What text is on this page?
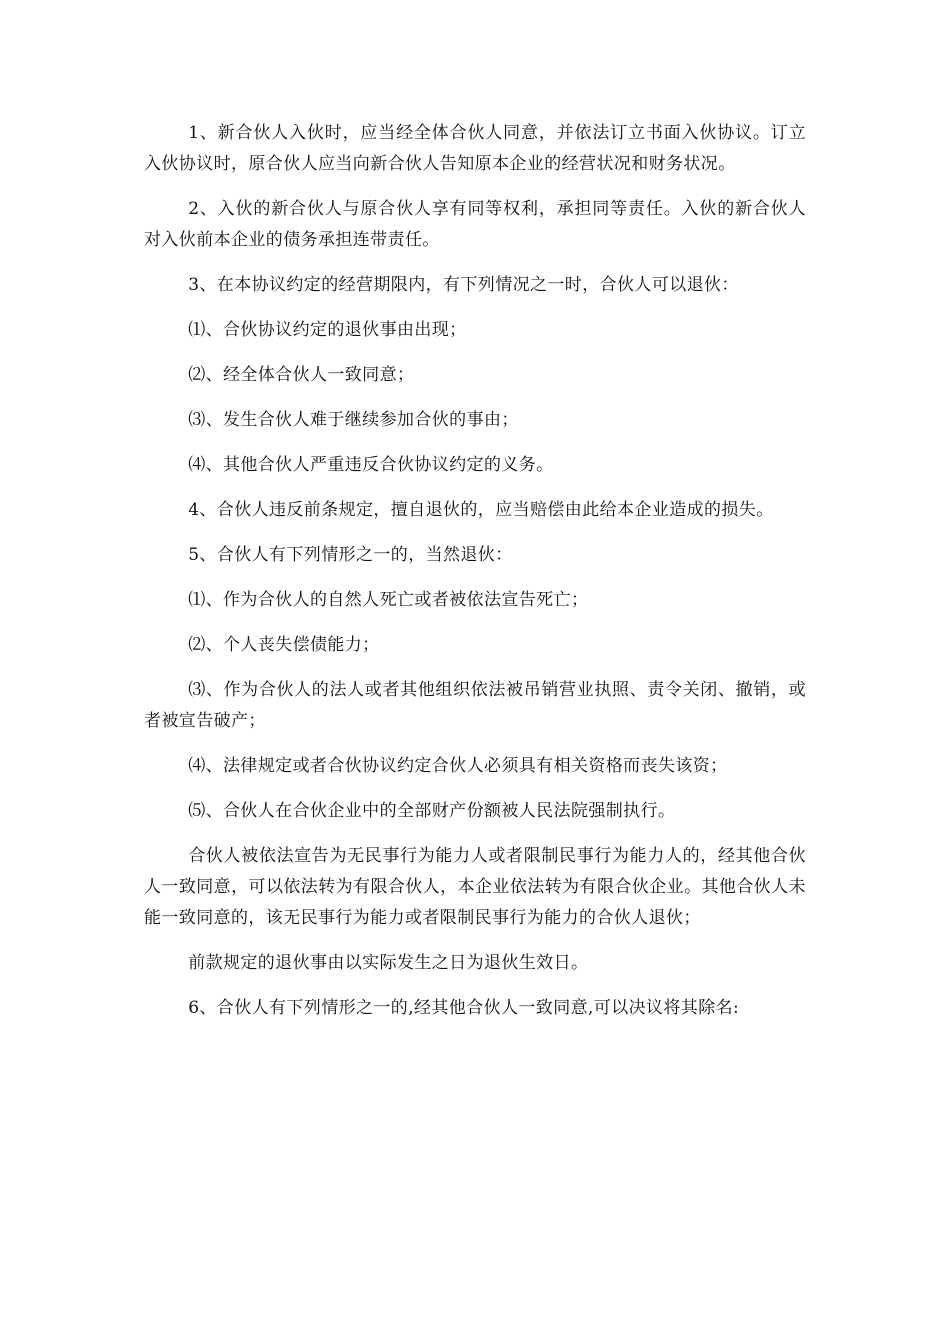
1、新合伙人入伙时，应当经全体合伙人同意，并依法订立书面入伙协议。订立入伙协议时，原合伙人应当向新合伙人告知原本企业的经营状况和财务状况。

2、入伙的新合伙人与原合伙人享有同等权利，承担同等责任。入伙的新合伙人对入伙前本企业的债务承担连带责任。

3、在本协议约定的经营期限内，有下列情况之一时，合伙人可以退伙：

⑴、合伙协议约定的退伙事由出现；

⑵、经全体合伙人一致同意；

⑶、发生合伙人难于继续参加合伙的事由；

⑷、其他合伙人严重违反合伙协议约定的义务。

4、合伙人违反前条规定，擅自退伙的，应当赔偿由此给本企业造成的损失。

5、合伙人有下列情形之一的，当然退伙：

⑴、作为合伙人的自然人死亡或者被依法宣告死亡；

⑵、个人丧失偿债能力；

⑶、作为合伙人的法人或者其他组织依法被吊销营业执照、责令关闭、撤销，或者被宣告破产；

⑷、法律规定或者合伙协议约定合伙人必须具有相关资格而丧失该资；

⑸、合伙人在合伙企业中的全部财产份额被人民法院强制执行。

合伙人被依法宣告为无民事行为能力人或者限制民事行为能力人的，经其他合伙人一致同意，可以依法转为有限合伙人，本企业依法转为有限合伙企业。其他合伙人未能一致同意的，该无民事行为能力或者限制民事行为能力的合伙人退伙；

前款规定的退伙事由以实际发生之日为退伙生效日。

6、合伙人有下列情形之一的,经其他合伙人一致同意,可以决议将其除名:
